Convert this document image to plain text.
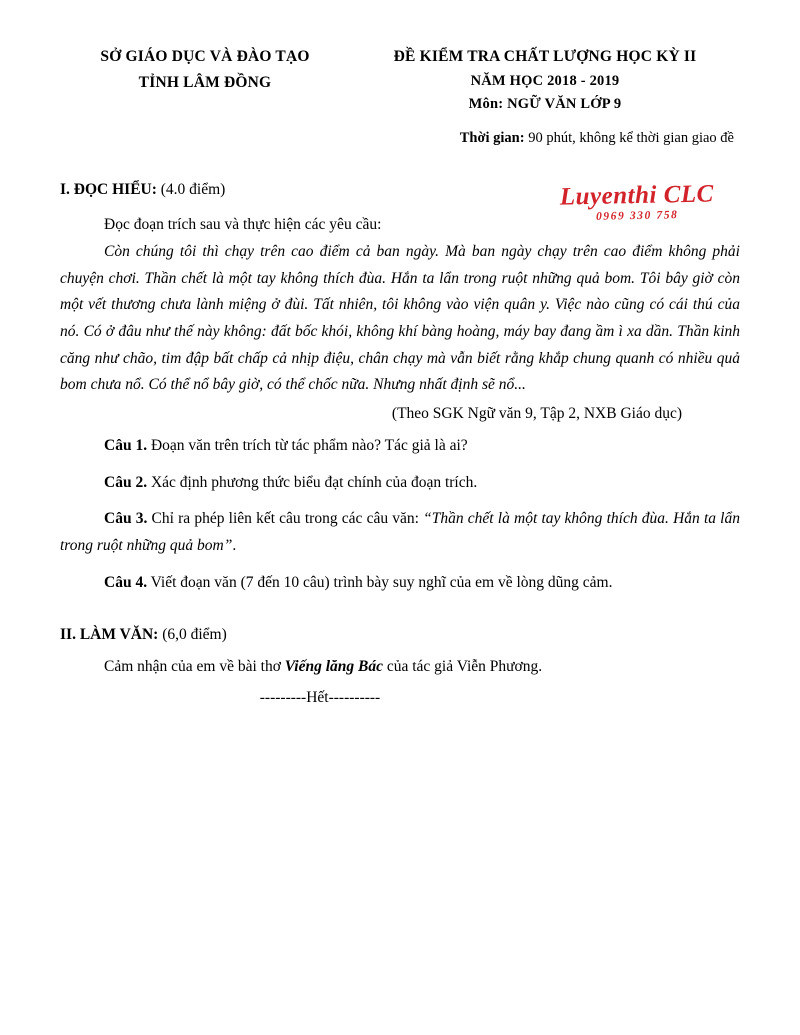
SỞ GIÁO DỤC VÀ ĐÀO TẠO
TỈNH LÂM ĐỒNG
ĐỀ KIỂM TRA CHẤT LƯỢNG HỌC KỲ II
NĂM HỌC 2018 - 2019
Môn: NGỮ VĂN LỚP 9
Thời gian: 90 phút, không kể thời gian giao đề
Luyenthi CLC
0969 330 758
I. ĐỌC HIỂU: (4.0 điểm)

Đọc đoạn trích sau và thực hiện các yêu cầu:

Còn chúng tôi thì chạy trên cao điểm cả ban ngày. Mà ban ngày chạy trên cao điểm không phải chuyện chơi. Thần chết là một tay không thích đùa. Hắn ta lẩn trong ruột những quả bom. Tôi bây giờ còn một vết thương chưa lành miệng ở đùi. Tất nhiên, tôi không vào viện quân y. Việc nào cũng có cái thú của nó. Có ở đâu như thế này không: đất bốc khói, không khí bàng hoàng, máy bay đang ầm ì xa dần. Thần kinh căng như chão, tim đập bất chấp cả nhịp điệu, chân chạy mà vẫn biết rằng khắp chung quanh có nhiều quả bom chưa nổ. Có thể nổ bây giờ, có thể chốc nữa. Nhưng nhất định sẽ nổ...

(Theo SGK Ngữ văn 9, Tập 2, NXB Giáo dục)
Câu 1. Đoạn văn trên trích từ tác phẩm nào? Tác giả là ai?
Câu 2. Xác định phương thức biểu đạt chính của đoạn trích.
Câu 3. Chỉ ra phép liên kết câu trong các câu văn: “Thần chết là một tay không thích đùa. Hắn ta lẩn trong ruột những quả bom”.
Câu 4. Viết đoạn văn (7 đến 10 câu) trình bày suy nghĩ của em về lòng dũng cảm.
II. LÀM VĂN: (6,0 điểm)
Cảm nhận của em về bài thơ Viếng lăng Bác của tác giả Viễn Phương.
---------Hết----------
